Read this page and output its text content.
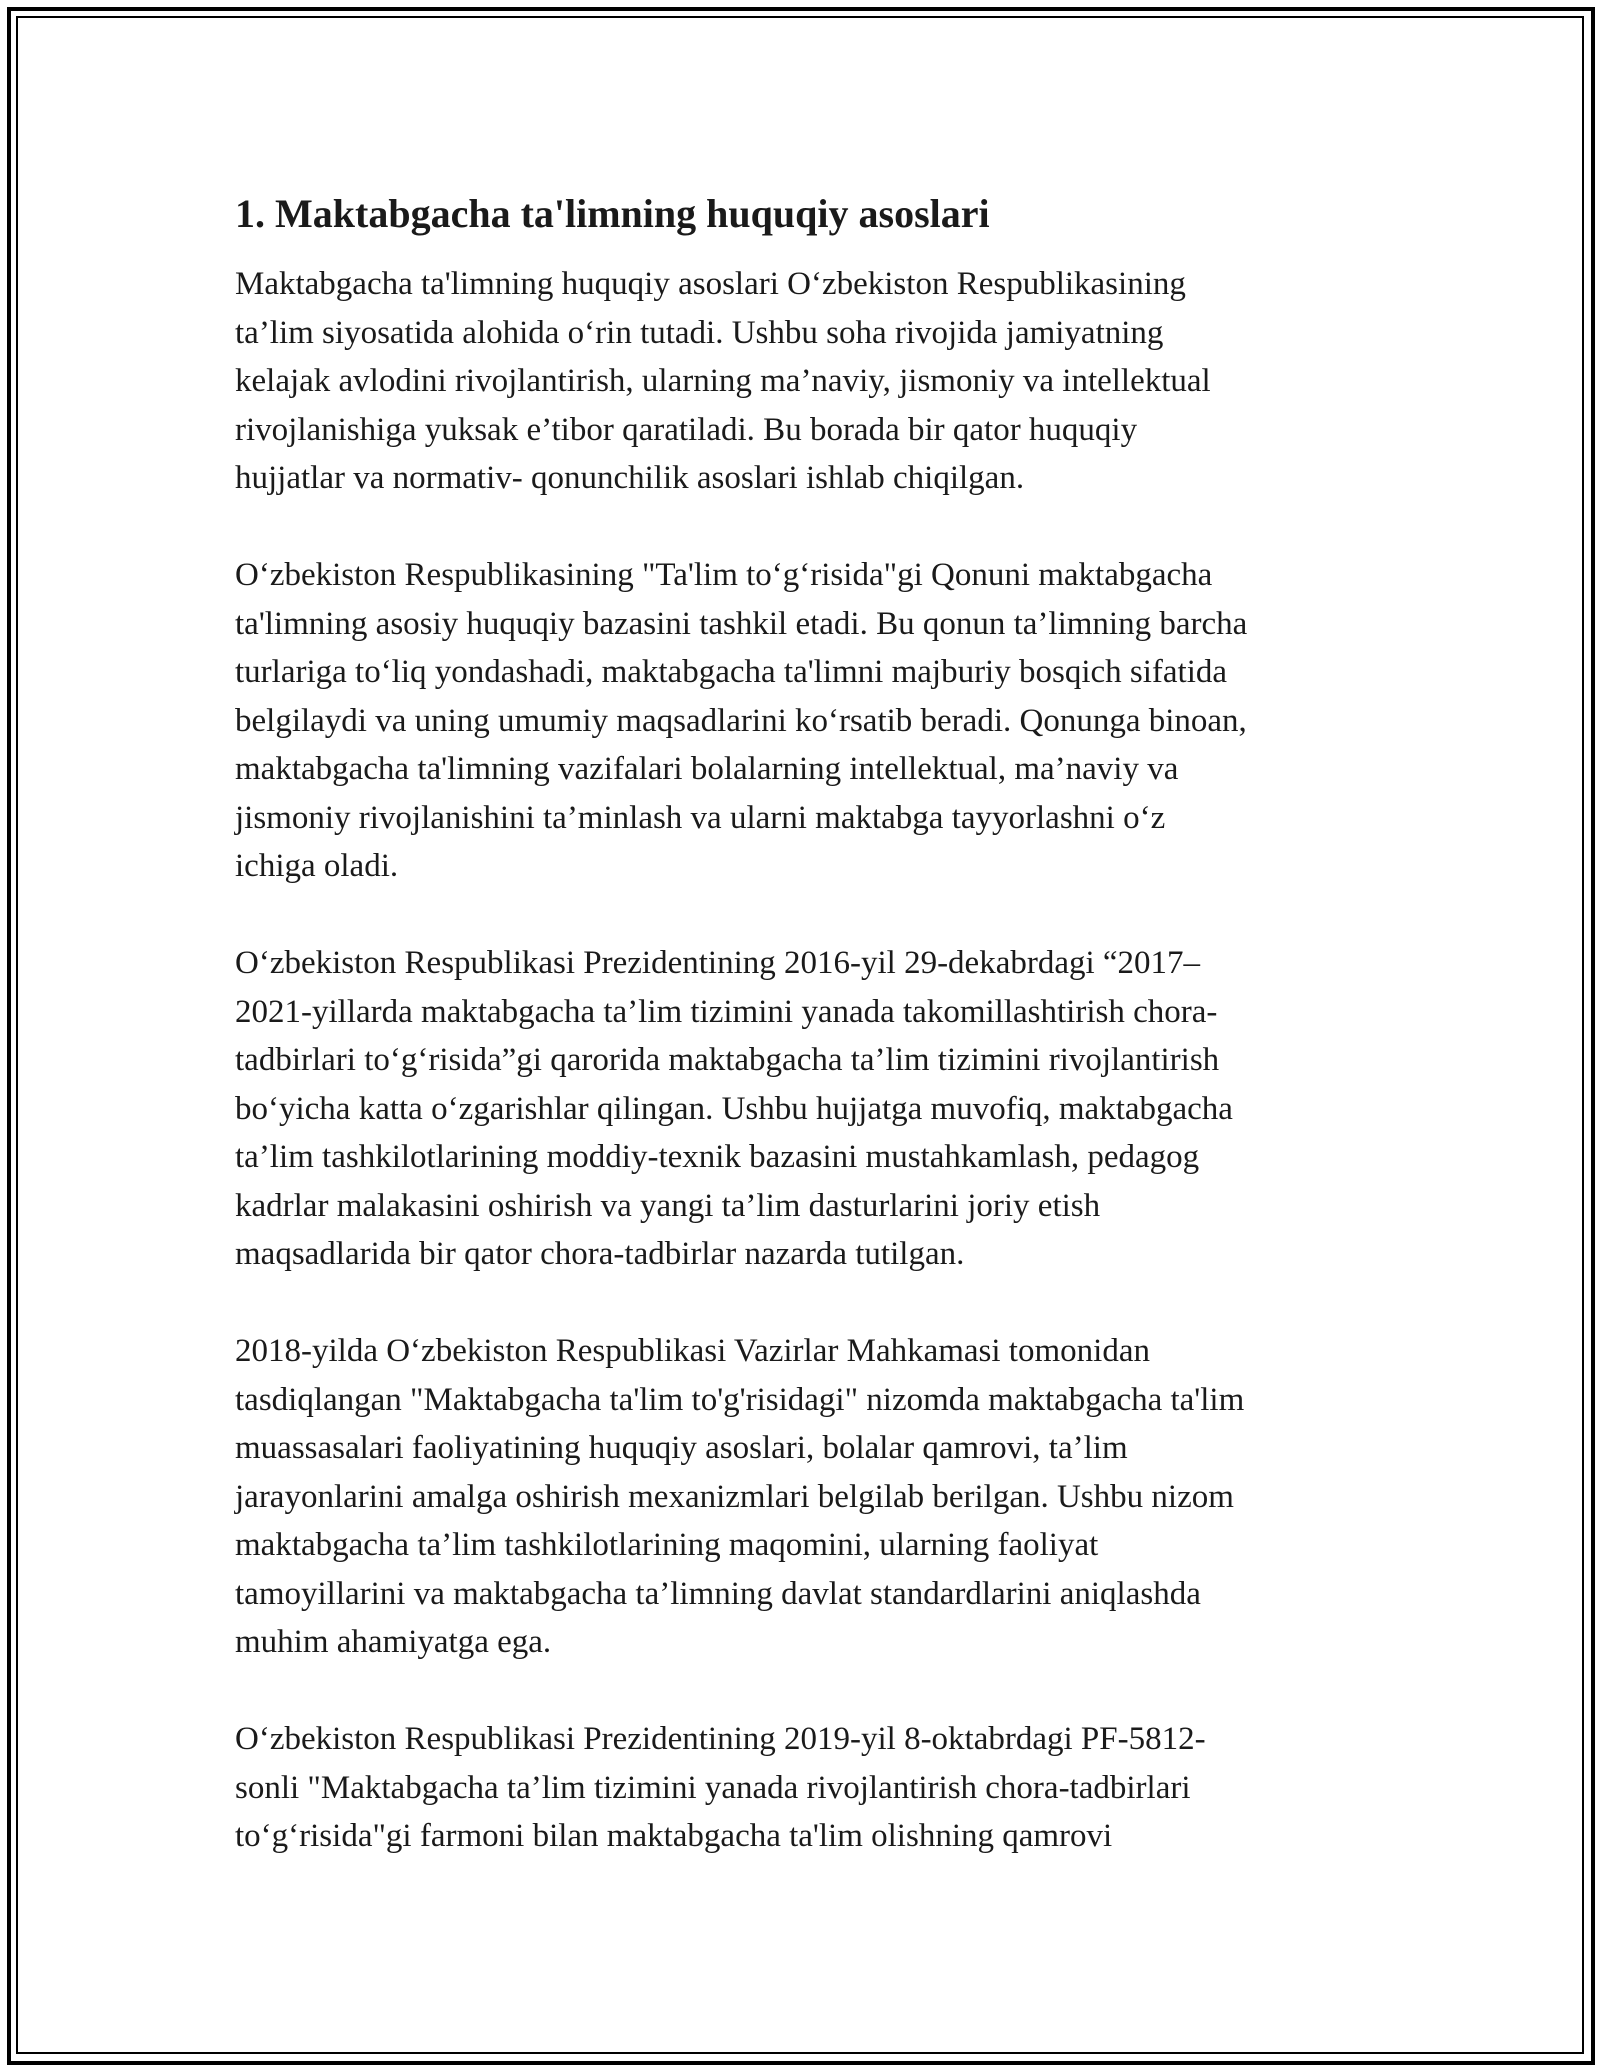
1. Maktabgacha ta'limning huquqiy asoslari
Maktabgacha ta'limning huquqiy asoslari O‘zbekiston Respublikasining
ta’lim siyosatida alohida o‘rin tutadi. Ushbu soha rivojida jamiyatning
kelajak avlodini rivojlantirish, ularning ma’naviy, jismoniy va intellektual
rivojlanishiga yuksak e’tibor qaratiladi. Bu borada bir qator huquqiy
hujjatlar va normativ- qonunchilik asoslari ishlab chiqilgan.
O‘zbekiston Respublikasining "Ta'lim to‘g‘risida"gi Qonuni maktabgacha
ta'limning asosiy huquqiy bazasini tashkil etadi. Bu qonun ta’limning barcha
turlariga to‘liq yondashadi, maktabgacha ta'limni majburiy bosqich sifatida
belgilaydi va uning umumiy maqsadlarini ko‘rsatib beradi. Qonunga binoan,
maktabgacha ta'limning vazifalari bolalarning intellektual, ma’naviy va
jismoniy rivojlanishini ta’minlash va ularni maktabga tayyorlashni o‘z
ichiga oladi.
O‘zbekiston Respublikasi Prezidentining 2016-yil 29-dekabrdagi “2017–
2021-yillarda maktabgacha ta’lim tizimini yanada takomillashtirish chora-
tadbirlari to‘g‘risida”gi qarorida maktabgacha ta’lim tizimini rivojlantirish
bo‘yicha katta o‘zgarishlar qilingan. Ushbu hujjatga muvofiq, maktabgacha
ta’lim tashkilotlarining moddiy-texnik bazasini mustahkamlash, pedagog
kadrlar malakasini oshirish va yangi ta’lim dasturlarini joriy etish
maqsadlarida bir qator chora-tadbirlar nazarda tutilgan.
2018-yilda O‘zbekiston Respublikasi Vazirlar Mahkamasi tomonidan
tasdiqlangan "Maktabgacha ta'lim to'g'risidagi" nizomda maktabgacha ta'lim
muassasalari faoliyatining huquqiy asoslari, bolalar qamrovi, ta’lim
jarayonlarini amalga oshirish mexanizmlari belgilab berilgan. Ushbu nizom
maktabgacha ta’lim tashkilotlarining maqomini, ularning faoliyat
tamoyillarini va maktabgacha ta’limning davlat standardlarini aniqlashda
muhim ahamiyatga ega.
O‘zbekiston Respublikasi Prezidentining 2019-yil 8-oktabrdagi PF-5812-
sonli "Maktabgacha ta’lim tizimini yanada rivojlantirish chora-tadbirlari
to‘g‘risida"gi farmoni bilan maktabgacha ta'lim olishning qamrovi
